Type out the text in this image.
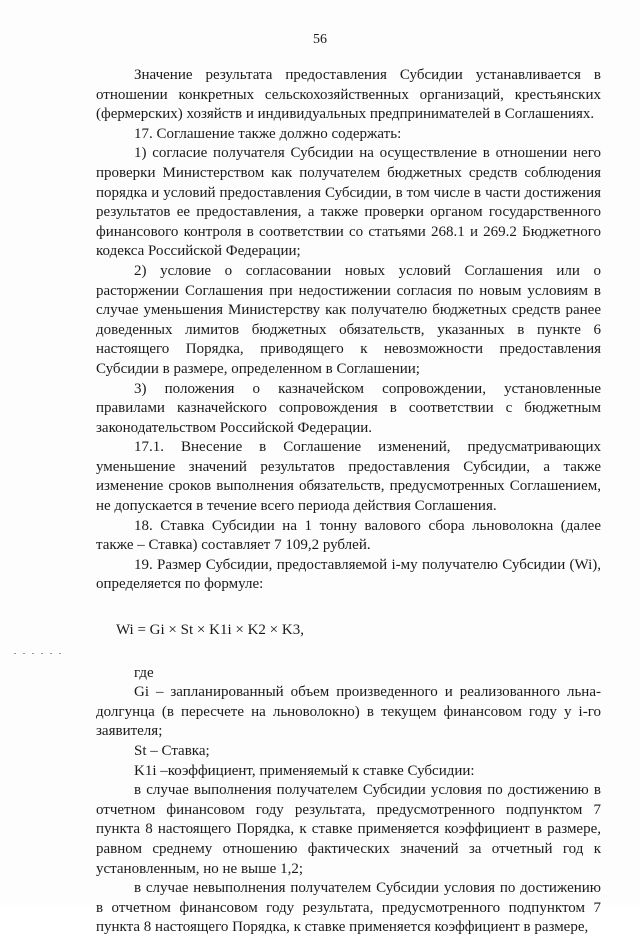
56

Значение результата предоставления Субсидии устанавливается в отношении конкретных сельскохозяйственных организаций, крестьянских (фермерских) хозяйств и индивидуальных предпринимателей в Соглашениях.

17. Соглашение также должно содержать:

1) согласие получателя Субсидии на осуществление в отношении него проверки Министерством как получателем бюджетных средств соблюдения порядка и условий предоставления Субсидии, в том числе в части достижения результатов ее предоставления, а также проверки органом государственного финансового контроля в соответствии со статьями 268.1 и 269.2 Бюджетного кодекса Российской Федерации;

2) условие о согласовании новых условий Соглашения или о расторжении Соглашения при недостижении согласия по новым условиям в случае уменьшения Министерству как получателю бюджетных средств ранее доведенных лимитов бюджетных обязательств, указанных в пункте 6 настоящего Порядка, приводящего к невозможности предоставления Субсидии в размере, определенном в Соглашении;

3) положения о казначейском сопровождении, установленные правилами казначейского сопровождения в соответствии с бюджетным законодательством Российской Федерации.

17.1. Внесение в Соглашение изменений, предусматривающих уменьшение значений результатов предоставления Субсидии, а также изменение сроков выполнения обязательств, предусмотренных Соглашением, не допускается в течение всего периода действия Соглашения.

18. Ставка Субсидии на 1 тонну валового сбора льноволокна (далее также – Ставка) составляет 7 109,2 рублей.

19. Размер Субсидии, предоставляемой i-му получателю Субсидии (Wi), определяется по формуле:

Wi = Gi × St × K1i × K2 × K3,

где

Gi – запланированный объем произведенного и реализованного льна-долгунца (в пересчете на льноволокно) в текущем финансовом году у i-го заявителя;

St – Ставка;

K1i –коэффициент, применяемый к ставке Субсидии:

в случае выполнения получателем Субсидии условия по достижению в отчетном финансовом году результата, предусмотренного подпунктом 7 пункта 8 настоящего Порядка, к ставке применяется коэффициент в размере, равном среднему отношению фактических значений за отчетный год к установленным, но не выше 1,2;

в случае невыполнения получателем Субсидии условия по достижению в отчетном финансовом году результата, предусмотренного подпунктом 7 пункта 8 настоящего Порядка, к ставке применяется коэффициент в размере,
